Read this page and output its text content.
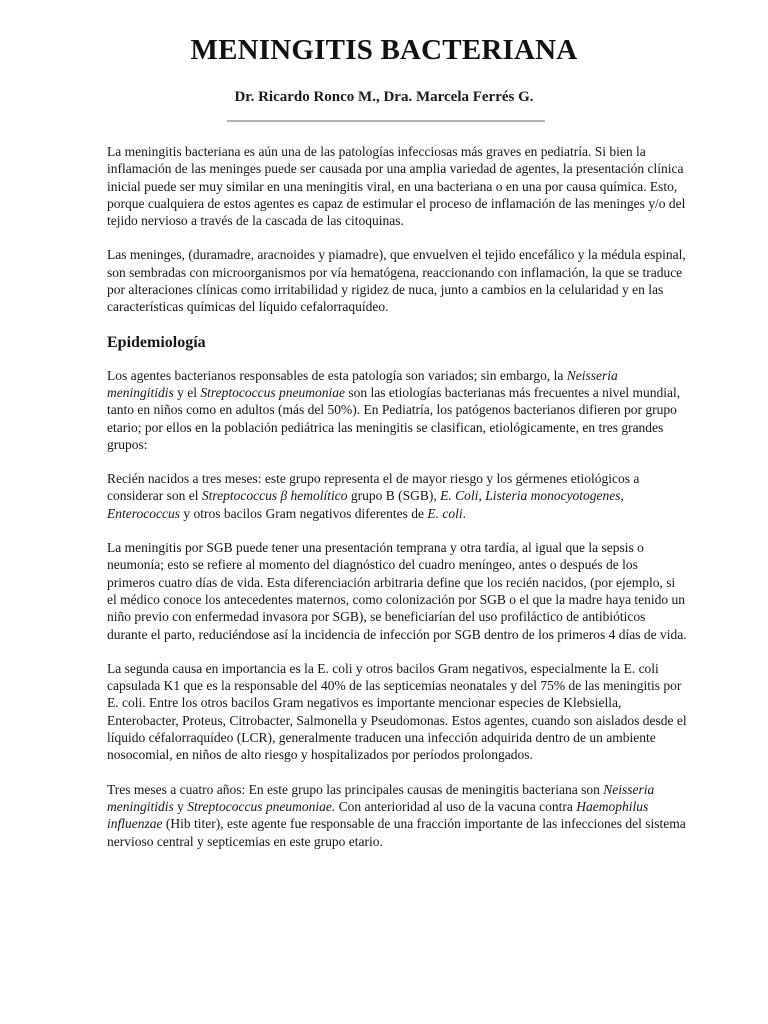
MENINGITIS BACTERIANA
Dr. Ricardo Ronco M., Dra. Marcela Ferrés G.

La meningitis bacteriana es aún una de las patologías infecciosas más graves en pediatría. Si bien la inflamación de las meninges puede ser causada por una amplia variedad de agentes, la presentación clínica inicial puede ser muy similar en una meningitis viral, en una bacteriana o en una por causa química. Esto, porque cualquiera de estos agentes es capaz de estimular el proceso de inflamación de las meninges y/o del tejido nervioso a través de la cascada de las citoquinas.

Las meninges, (duramadre, aracnoides y piamadre), que envuelven el tejido encefálico y la médula espinal, son sembradas con microorganismos por vía hematógena, reaccionando con inflamación, la que se traduce por alteraciones clínicas como irritabilidad y rigidez de nuca, junto a cambios en la celularidad y en las características químicas del líquido cefalorraquídeo.

Epidemiología

Los agentes bacterianos responsables de esta patología son variados; sin embargo, la Neisseria meningitidis y el Streptococcus pneumoniae son las etiologías bacterianas más frecuentes a nivel mundial, tanto en niños como en adultos (más del 50%). En Pediatría, los patógenos bacterianos difieren por grupo etario; por ellos en la población pediátrica las meningitis se clasifican, etiológicamente, en tres grandes grupos:

Recién nacidos a tres meses: este grupo representa el de mayor riesgo y los gérmenes etiológicos a considerar son el Streptococcus β hemolítico grupo B (SGB), E. Coli, Listeria monocyotogenes, Enterococcus y otros bacilos Gram negativos diferentes de E. coli.

La meningitis por SGB puede tener una presentación temprana y otra tardía, al igual que la sepsis o neumonía; esto se refiere al momento del diagnóstico del cuadro meníngeo, antes o después de los primeros cuatro días de vida. Esta diferenciación arbitraria define que los recién nacidos, (por ejemplo, si el médico conoce los antecedentes maternos, como colonización por SGB o el que la madre haya tenido un niño previo con enfermedad invasora por SGB), se beneficiarían del uso profiláctico de antibióticos durante el parto, reduciéndose así la incidencia de infección por SGB dentro de los primeros 4 días de vida.

La segunda causa en importancia es la E. coli y otros bacilos Gram negativos, especialmente la E. coli capsulada K1 que es la responsable del 40% de las septicemias neonatales y del 75% de las meningitis por E. coli. Entre los otros bacilos Gram negativos es importante mencionar especies de Klebsiella, Enterobacter, Proteus, Citrobacter, Salmonella y Pseudomonas. Estos agentes, cuando son aislados desde el líquido céfalorraquídeo (LCR), generalmente traducen una infección adquirida dentro de un ambiente nosocomial, en niños de alto riesgo y hospitalizados por períodos prolongados.

Tres meses a cuatro años: En este grupo las principales causas de meningitis bacteriana son Neisseria meningitidis y Streptococcus pneumoniae. Con anterioridad al uso de la vacuna contra Haemophilus influenzae (Hib titer), este agente fue responsable de una fracción importante de las infecciones del sistema nervioso central y septicemias en este grupo etario.
